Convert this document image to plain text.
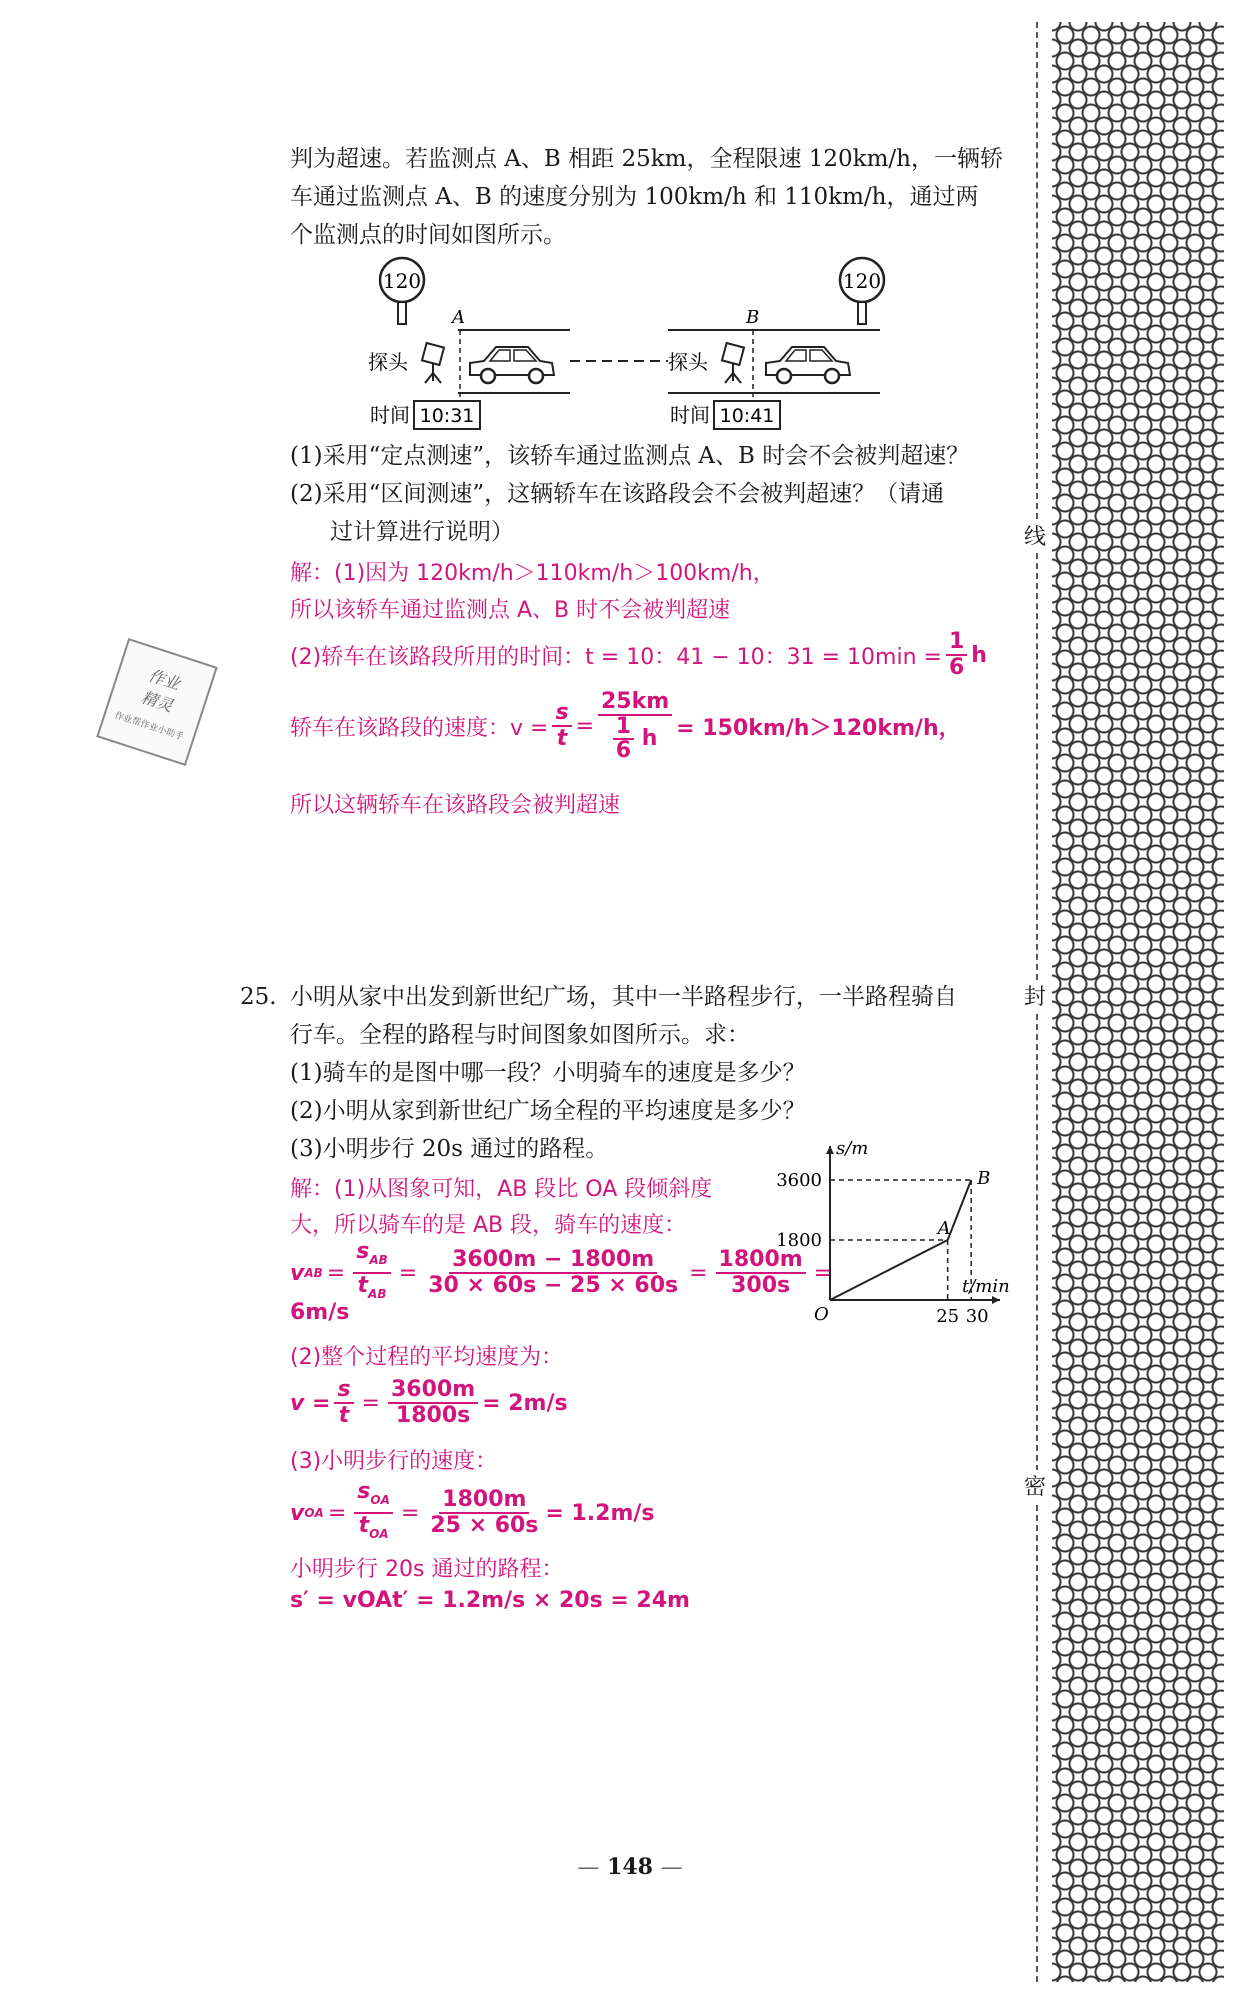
线
封
密
判为超速。若监测点 A、B 相距 25km，全程限速 120km/h，一辆轿
车通过监测点 A、B 的速度分别为 100km/h 和 110km/h，通过两
个监测点的时间如图所示。
120	120
A	B
探头	探头
时间 10:31	时间 10:41
(1)采用“定点测速”，该轿车通过监测点 A、B 时会不会被判超速？
(2)采用“区间测速”，这辆轿车在该路段会不会被判超速？（请通
过计算进行说明）
解：(1)因为 120km/h＞110km/h＞100km/h，
所以该轿车通过监测点 A、B 时不会被判超速
(2)轿车在该路段所用的时间：t = 10：41 − 10：$31 = 10\min = \frac{1}{6}$ h
轿车在该路段的速度：$v = \frac{s}{t} = \frac{25km}{\frac{1}{6} h} = 150km/h>120km/h$，
所以这辆轿车在该路段会被判超速
作业
精灵
作业帮作业小助手
25. 小明从家中出发到新世纪广场，其中一半路程步行，一半路程骑自
行车。全程的路程与时间图象如图所示。求：
(1)骑车的是图中哪一段？小明骑车的速度是多少？
(2)小明从家到新世纪广场全程的平均速度是多少？
(3)小明步行 20s 通过的路程。
解：(1)从图象可知，AB 段比 OA 段倾斜度
大，所以骑车的是 AB 段，骑车的速度：
v AB = $\frac{s_{AB}}{t_{AB}} = \frac{3600m - 1800m}{30 \times 60s - 25 \times 60s} = \frac{1800m}{300s}$ =
6m/s
(2)整个过程的平均速度为：
$v = \frac{s}{t} = \frac{3600m}{1800s} = 2m/s$
(3)小明步行的速度：
v OA = $\frac{s_{OA}}{t_{OA}} = \frac{1800m}{25 \times 60s} = 1.2m/s$
小明步行 20s 通过的路程：
s′ = vOAt′ = 1.2m/s × 20s = 24m
s/m
t/min
O
A
B
1800
3600
25 30
— 148 —
